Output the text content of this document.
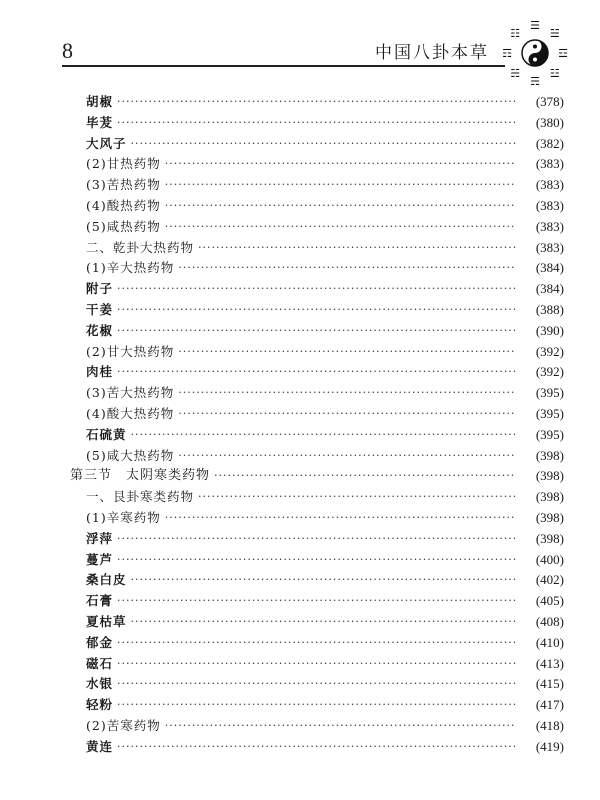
8	中国八卦本草
☰
☱
☲
☳
☴
☵
☶
☷
胡椒 ·····	(378)
毕茇 ·····	(380)
大风子 ·····	(382)
(2)甘热药物 ·····	(383)
(3)苦热药物 ·····	(383)
(4)酸热药物 ·····	(383)
(5)咸热药物 ·····	(383)
二、乾卦大热药物 ·····	(383)
(1)辛大热药物 ·····	(384)
附子 ·····	(384)
干姜 ·····	(388)
花椒 ·····	(390)
(2)甘大热药物 ·····	(392)
肉桂 ·····	(392)
(3)苦大热药物 ·····	(395)
(4)酸大热药物 ·····	(395)
石硫黄 ·····	(395)
(5)咸大热药物 ·····	(398)
第三节　太阴寒类药物 ·····	(398)
一、艮卦寒类药物 ·····	(398)
(1)辛寒药物 ·····	(398)
浮萍 ·····	(398)
蔓芦 ·····	(400)
桑白皮 ·····	(402)
石膏 ·····	(405)
夏枯草 ·····	(408)
郁金 ·····	(410)
磁石 ·····	(413)
水银 ·····	(415)
轻粉 ·····	(417)
(2)苦寒药物 ·····	(418)
黄连 ·····	(419)
